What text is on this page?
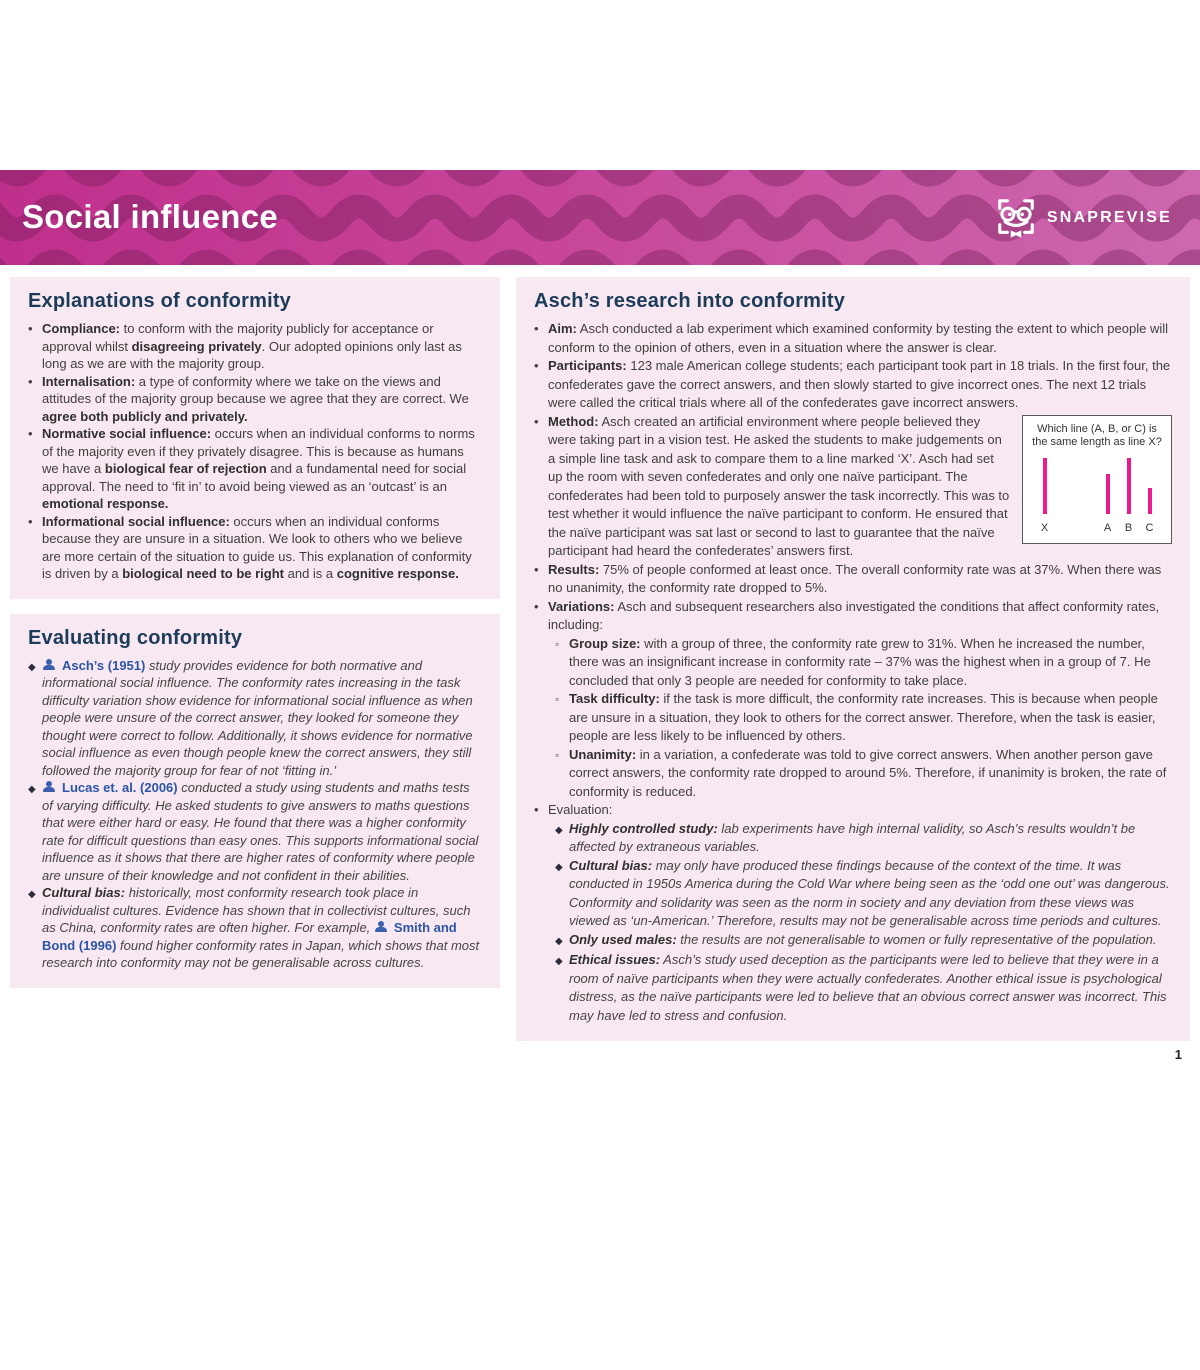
Social influence	SNAPREVISE
Explanations of conformity
• Compliance: to conform with the majority publicly for acceptance or approval whilst disagreeing privately. Our adopted opinions only last as long as we are with the majority group.
• Internalisation: a type of conformity where we take on the views and attitudes of the majority group because we agree that they are correct. We agree both publicly and privately.
• Normative social influence: occurs when an individual conforms to norms of the majority even if they privately disagree. This is because as humans we have a biological fear of rejection and a fundamental need for social approval. The need to ‘fit in’ to avoid being viewed as an ‘outcast’ is an emotional response.
• Informational social influence: occurs when an individual conforms because they are unsure in a situation. We look to others who we believe are more certain of the situation to guide us. This explanation of conformity is driven by a biological need to be right and is a cognitive response.
Evaluating conformity
◆	Asch’s (1951) study provides evidence for both normative and informational social influence. The conformity rates increasing in the task difficulty variation show evidence for informational social influence as when people were unsure of the correct answer, they looked for someone they thought were correct to follow. Additionally, it shows evidence for normative social influence as even though people knew the correct answers, they still followed the majority group for fear of not ‘fitting in.’
◆	Lucas et. al. (2006) conducted a study using students and maths tests of varying difficulty. He asked students to give answers to maths questions that were either hard or easy. He found that there was a higher conformity rate for difficult questions than easy ones. This supports informational social influence as it shows that there are higher rates of conformity where people are unsure of their knowledge and not confident in their abilities.
◆ Cultural bias: historically, most conformity research took place in individualist cultures. Evidence has shown that in collectivist cultures, such as China, conformity rates are often higher. For example, Smith and Bond (1996) found higher conformity rates in Japan, which shows that most research into conformity may not be generalisable across cultures.
Asch’s research into conformity
• Aim: Asch conducted a lab experiment which examined conformity by testing the extent to which people will conform to the opinion of others, even in a situation where the answer is clear.
• Participants: 123 male American college students; each participant took part in 18 trials. In the first four, the confederates gave the correct answers, and then slowly started to give incorrect ones. The next 12 trials were called the critical trials where all of the confederates gave incorrect answers.
•	Which line (A, B, or C) is the same length as line X?
X	A B C
Method: Asch created an artificial environment where people believed they were taking part in a vision test. He asked the students to make judgements on a simple line task and ask to compare them to a line marked ‘X’. Asch had set up the room with seven confederates and only one naïve participant. The confederates had been told to purposely answer the task incorrectly. This was to test whether it would influence the naïve participant to conform. He ensured that the naïve participant was sat last or second to last to guarantee that the naïve participant had heard the confederates’ answers first.
• Results: 75% of people conformed at least once. The overall conformity rate was at 37%. When there was no unanimity, the conformity rate dropped to 5%.
• Variations: Asch and subsequent researchers also investigated the conditions that affect conformity rates, including:
◦ Group size: with a group of three, the conformity rate grew to 31%. When he increased the number, there was an insignificant increase in conformity rate – 37% was the highest when in a group of 7. He concluded that only 3 people are needed for conformity to take place.
◦ Task difficulty: if the task is more difficult, the conformity rate increases. This is because when people are unsure in a situation, they look to others for the correct answer. Therefore, when the task is easier, people are less likely to be influenced by others.
◦ Unanimity: in a variation, a confederate was told to give correct answers. When another person gave correct answers, the conformity rate dropped to around 5%. Therefore, if unanimity is broken, the rate of conformity is reduced.
• Evaluation:
◆ Highly controlled study: lab experiments have high internal validity, so Asch’s results wouldn’t be affected by extraneous variables.
◆ Cultural bias: may only have produced these findings because of the context of the time. It was conducted in 1950s America during the Cold War where being seen as the ‘odd one out’ was dangerous. Conformity and solidarity was seen as the norm in society and any deviation from these views was viewed as ‘un-American.’ Therefore, results may not be generalisable across time periods and cultures.
◆ Only used males: the results are not generalisable to women or fully representative of the population.
◆ Ethical issues: Asch’s study used deception as the participants were led to believe that they were in a room of naïve participants when they were actually confederates. Another ethical issue is psychological distress, as the naïve participants were led to believe that an obvious correct answer was incorrect. This may have led to stress and confusion.
1
